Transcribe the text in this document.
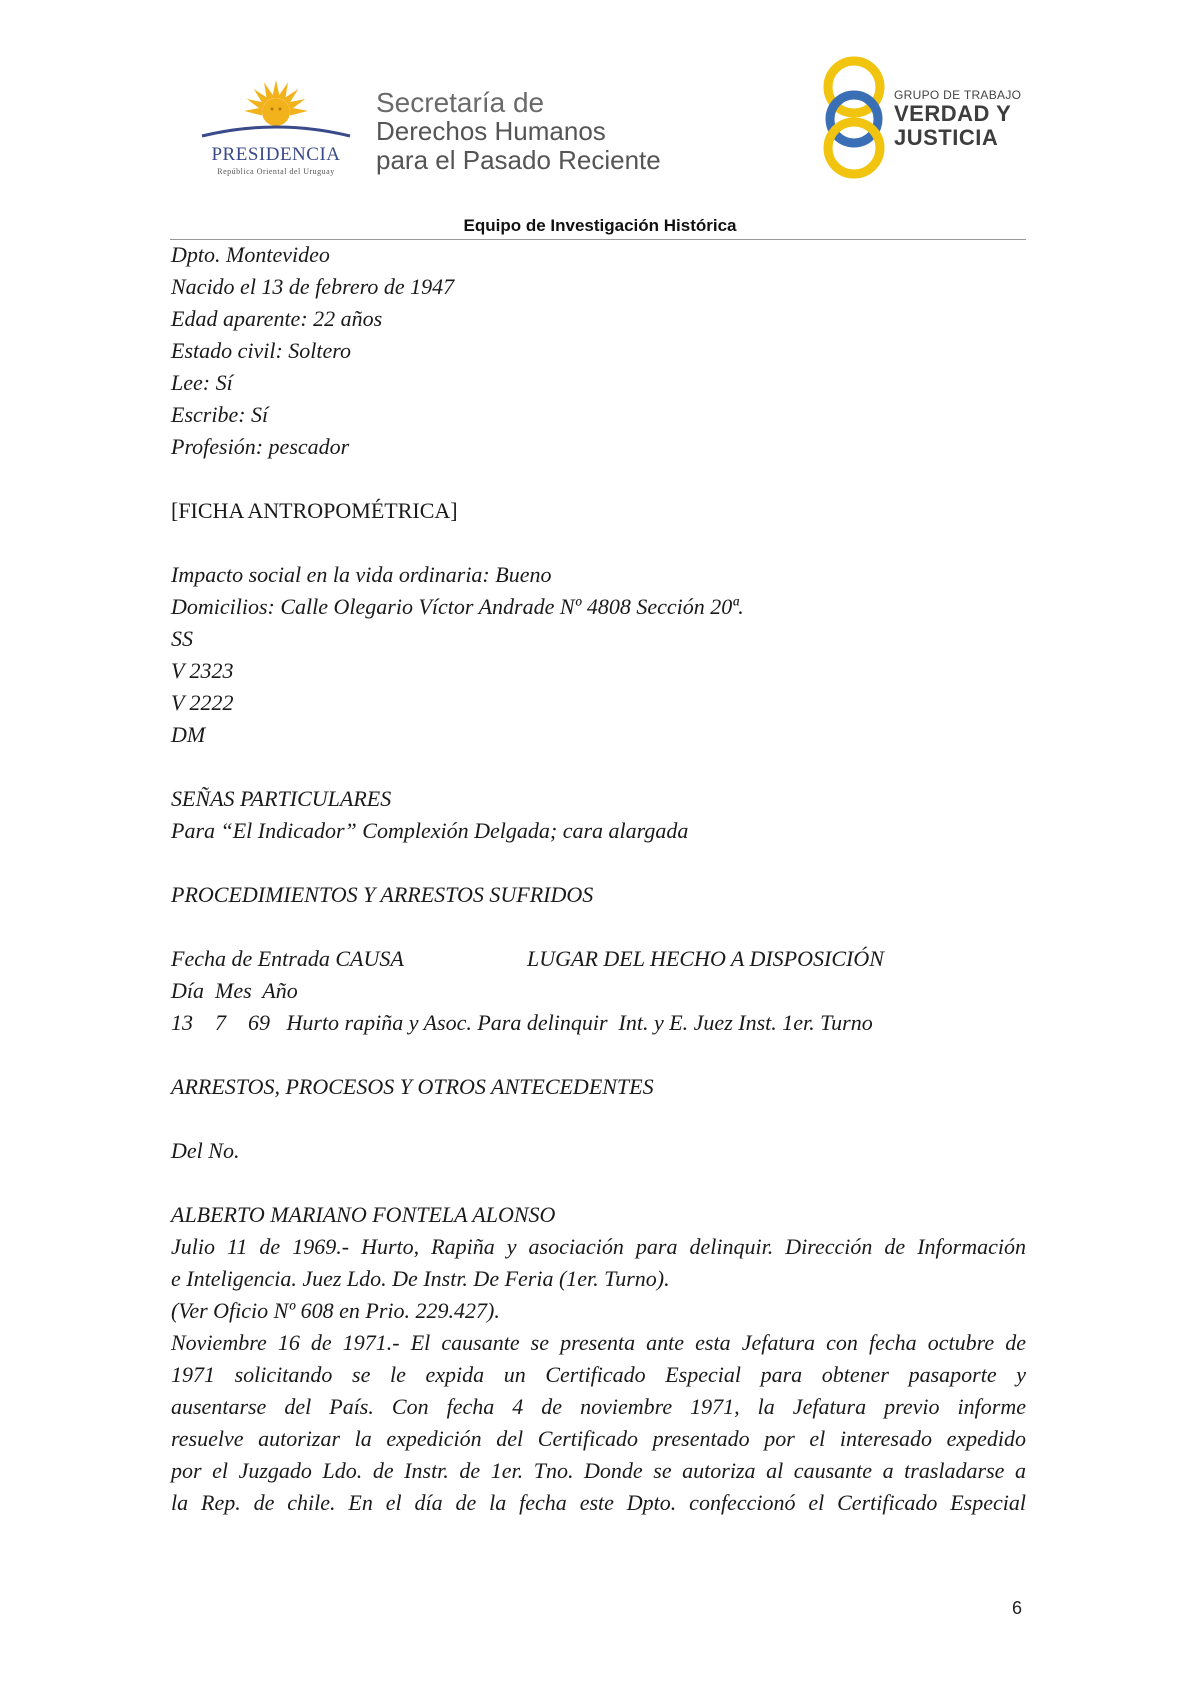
PRESIDENCIA
República Oriental del Uruguay
Secretaría de
Derechos Humanos
para el Pasado Reciente
GRUPO DE TRABAJO
VERDAD Y
JUSTICIA
Equipo de Investigación Histórica

Dpto. Montevideo

Nacido el 13 de febrero de 1947

Edad aparente: 22 años

Estado civil: Soltero

Lee: Sí

Escribe: Sí

Profesión: pescador

[FICHA ANTROPOMÉTRICA]

Impacto social en la vida ordinaria: Bueno

Domicilios: Calle Olegario Víctor Andrade Nº 4808 Sección 20ª.

SS

V 2323

V 2222

DM

SEÑAS PARTICULARES

Para “El Indicador” Complexión Delgada; cara alargada

PROCEDIMIENTOS Y ARRESTOS SUFRIDOS

Fecha de Entrada CAUSA	LUGAR DEL HECHO A DISPOSICIÓN

Día  Mes  Año

13    7    69   Hurto rapiña y Asoc. Para delinquir  Int. y E. Juez Inst. 1er. Turno

ARRESTOS, PROCESOS Y OTROS ANTECEDENTES

Del No.

ALBERTO MARIANO FONTELA ALONSO

Julio 11 de 1969.- Hurto, Rapiña y asociación para delinquir. Dirección de Información

e Inteligencia. Juez Ldo. De Instr. De Feria (1er. Turno).

(Ver Oficio Nº 608 en Prio. 229.427).

Noviembre 16 de 1971.- El causante se presenta ante esta Jefatura con fecha octubre de

1971 solicitando se le expida un Certificado Especial para obtener pasaporte y

ausentarse del País. Con fecha 4 de noviembre 1971, la Jefatura previo informe

resuelve autorizar la expedición del Certificado presentado por el interesado expedido

por el Juzgado Ldo. de Instr. de 1er. Tno. Donde se autoriza al causante a trasladarse a

la Rep. de chile. En el día de la fecha este Dpto. confeccionó el Certificado Especial

6
